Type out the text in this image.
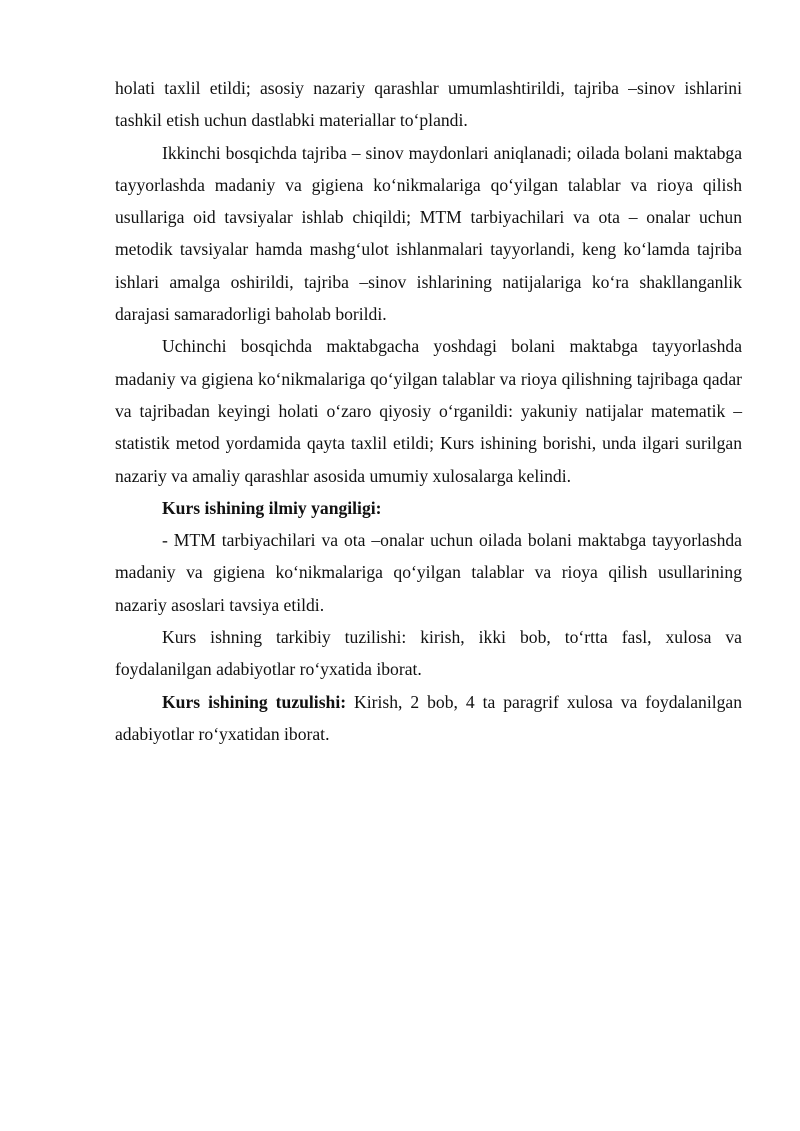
holati taxlil etildi; asosiy nazariy qarashlar umumlashtirildi, tajriba –sinov ishlarini tashkil etish uchun dastlabki materiallar to‘plandi.

Ikkinchi bosqichda tajriba – sinov maydonlari aniqlanadi; oilada bolani maktabga tayyorlashda madaniy va gigiena ko‘nikmalariga qo‘yilgan talablar va rioya qilish usullariga oid tavsiyalar ishlab chiqildi; MTM tarbiyachilari va ota – onalar uchun metodik tavsiyalar hamda mashg‘ulot ishlanmalari tayyorlandi, keng ko‘lamda tajriba ishlari amalga oshirildi, tajriba –sinov ishlarining natijalariga ko‘ra shakllanganlik darajasi samaradorligi baholab borildi.

Uchinchi bosqichda maktabgacha yoshdagi bolani maktabga tayyorlashda madaniy va gigiena ko‘nikmalariga qo‘yilgan talablar va rioya qilishning tajribaga qadar va tajribadan keyingi holati o‘zaro qiyosiy o‘rganildi: yakuniy natijalar matematik –statistik metod yordamida qayta taxlil etildi; Kurs ishining borishi, unda ilgari surilgan nazariy va amaliy qarashlar asosida umumiy xulosalarga kelindi.
Kurs ishining ilmiy yangiligi:

- MTM tarbiyachilari va ota –onalar uchun oilada bolani maktabga tayyorlashda madaniy va gigiena ko‘nikmalariga qo‘yilgan talablar va rioya qilish usullarining nazariy asoslari tavsiya etildi.

Kurs ishning tarkibiy tuzilishi: kirish, ikki bob, to‘rtta fasl, xulosa va foydalanilgan adabiyotlar ro‘yxatida iborat.

Kurs ishining tuzulishi: Kirish, 2 bob, 4 ta paragrif xulosa va foydalanilgan adabiyotlar ro‘yxatidan iborat.
